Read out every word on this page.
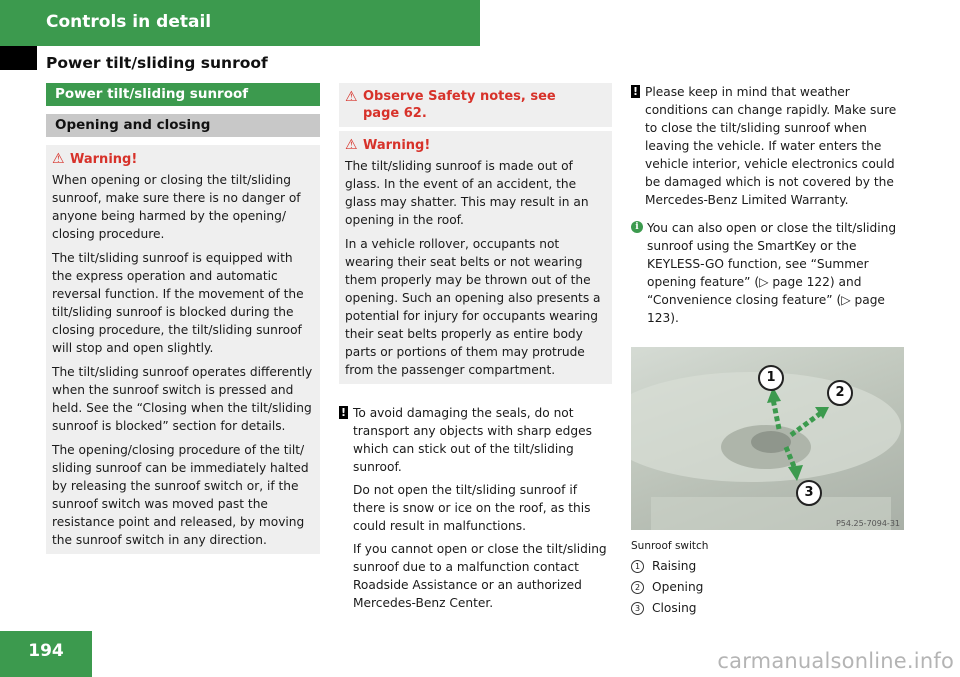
Controls in detail
Power tilt/sliding sunroof
Power tilt/sliding sunroof
Opening and closing
⚠ Warning!

When opening or closing the tilt/sliding sunroof, make sure there is no danger of anyone being harmed by the opening/ closing procedure.

The tilt/sliding sunroof is equipped with the express operation and automatic reversal function. If the movement of the tilt/sliding sunroof is blocked during the closing procedure, the tilt/sliding sunroof will stop and open slightly.

The tilt/sliding sunroof operates differently when the sunroof switch is pressed and held. See the “Closing when the tilt/sliding sunroof is blocked” section for details.

The opening/closing procedure of the tilt/ sliding sunroof can be immediately halted by releasing the sunroof switch or, if the sunroof switch was moved past the resistance point and released, by moving the sunroof switch in any direction.

⚠ Observe Safety notes, see page 62.
⚠ Warning!

The tilt/sliding sunroof is made out of glass. In the event of an accident, the glass may shatter. This may result in an opening in the roof.

In a vehicle rollover, occupants not wearing their seat belts or not wearing them properly may be thrown out of the opening. Such an opening also presents a potential for injury for occupants wearing their seat belts properly as entire body parts or portions of them may protrude from the passenger compartment.

! To avoid damaging the seals, do not transport any objects with sharp edges which can stick out of the tilt/sliding sunroof.

Do not open the tilt/sliding sunroof if there is snow or ice on the roof, as this could result in malfunctions.

If you cannot open or close the tilt/sliding sunroof due to a malfunction contact Roadside Assistance or an authorized Mercedes-Benz Center.

! Please keep in mind that weather conditions can change rapidly. Make sure to close the tilt/sliding sunroof when leaving the vehicle. If water enters the vehicle interior, vehicle electronics could be damaged which is not covered by the Mercedes-Benz Limited Warranty.

i You can also open or close the tilt/sliding sunroof using the SmartKey or the KEYLESS-GO function, see “Summer opening feature” (▷ page 122) and “Convenience closing feature” (▷ page 123).

1
2
3
P54.25-7094-31
Sunroof switch
1 Raising
2 Opening
3 Closing
194	carmanualsonline.info
